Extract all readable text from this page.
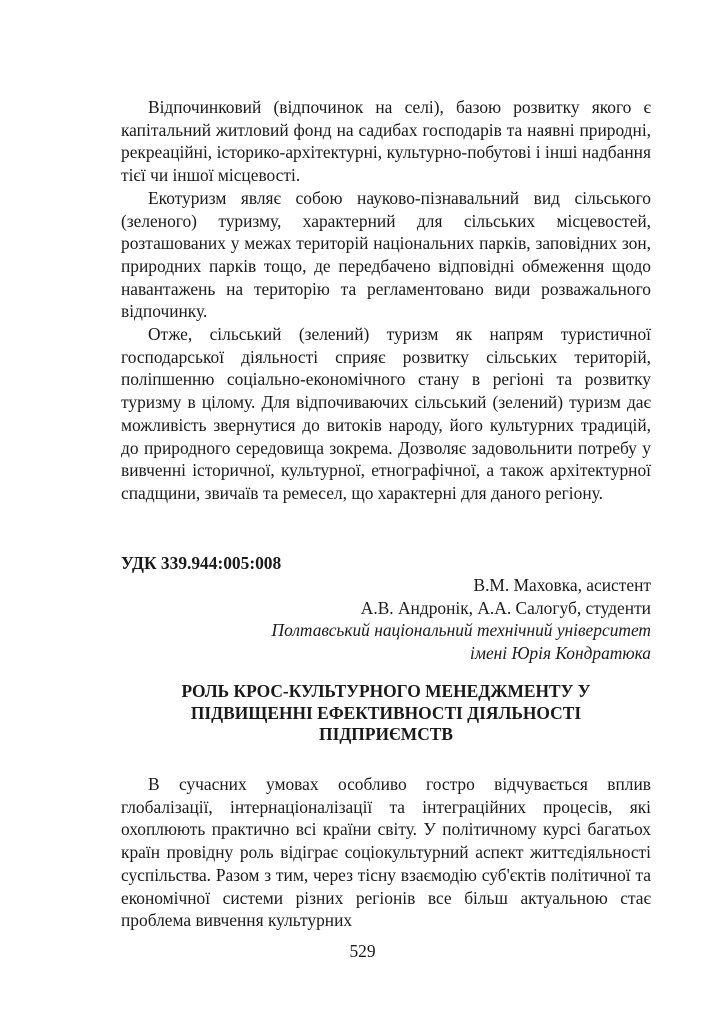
Відпочинковий (відпочинок на селі), базою розвитку якого є капітальний житловий фонд на садибах господарів та наявні природні, рекреаційні, історико-архітектурні, культурно-побутові і інші надбання тієї чи іншої місцевості.

Екотуризм являє собою науково-пізнавальний вид сільського (зеленого) туризму, характерний для сільських місцевостей, розташованих у межах територій національних парків, заповідних зон, природних парків тощо, де передбачено відповідні обмеження щодо навантажень на територію та регламентовано види розважального відпочинку.

Отже, сільський (зелений) туризм як напрям туристичної господарської діяльності сприяє розвитку сільських територій, поліпшенню соціально-економічного стану в регіоні та розвитку туризму в цілому. Для відпочиваючих сільський (зелений) туризм дає можливість звернутися до витоків народу, його культурних традицій, до природного середовища зокрема. Дозволяє задовольнити потребу у вивченні історичної, культурної, етнографічної, а також архітектурної спадщини, звичаїв та ремесел, що характерні для даного регіону.

УДК 339.944:005:008

В.М. Маховка, асистент
А.В. Андронік, А.А. Салогуб, студенти
Полтавський національний технічний університет
імені Юрія Кондратюка
РОЛЬ КРОС-КУЛЬТУРНОГО МЕНЕДЖМЕНТУ У
ПІДВИЩЕННІ ЕФЕКТИВНОСТІ ДІЯЛЬНОСТІ
ПІДПРИЄМСТВ

В сучасних умовах особливо гостро відчувається вплив глобалізації, інтернаціоналізації та інтеграційних процесів, які охоплюють практично всі країни світу. У політичному курсі багатьох країн провідну роль відіграє соціокультурний аспект життєдіяльності суспільства. Разом з тим, через тісну взаємодію суб'єктів політичної та економічної системи різних регіонів все більш актуальною стає проблема вивчення культурних

529
